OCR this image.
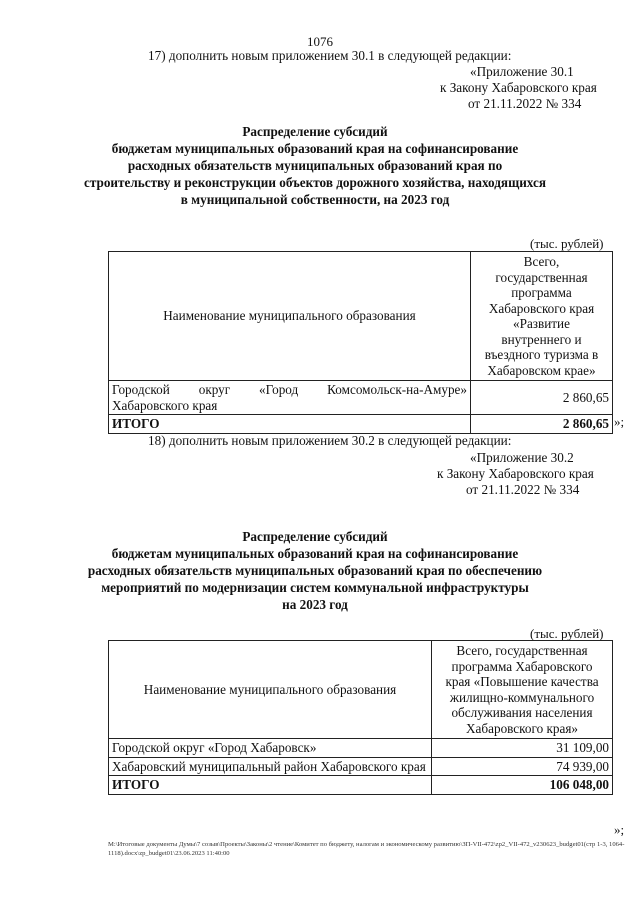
1076
17) дополнить новым приложением 30.1 в следующей редакции:
«Приложение 30.1
к Закону Хабаровского края
от 21.11.2022 № 334
Распределение субсидий
бюджетам муниципальных образований края на софинансирование
расходных обязательств муниципальных образований края по
строительству и реконструкции объектов дорожного хозяйства, находящихся
в муниципальной собственности, на 2023 год
(тыс. рублей)
Наименование муниципального образования	Всего, государственная программа Хабаровского края «Развитие внутреннего и въездного туризма в Хабаровском крае»
Городской округ «Город Комсомольск-на-Амуре» Хабаровского края	2 860,65
ИТОГО	2 860,65 »;
18) дополнить новым приложением 30.2 в следующей редакции:
«Приложение 30.2
к Закону Хабаровского края
от 21.11.2022 № 334
Распределение субсидий
бюджетам муниципальных образований края на софинансирование
расходных обязательств муниципальных образований края по обеспечению
мероприятий по модернизации систем коммунальной инфраструктуры
на 2023 год
(тыс. рублей)
Наименование муниципального образования	Всего, государственная программа Хабаровского края «Повышение качества жилищно-коммунального обслуживания населения Хабаровского края»
Городской округ «Город Хабаровск»	31 109,00
Хабаровский муниципальный район Хабаровского края	74 939,00
ИТОГО	106 048,00
»;
M:\Итоговые документы Думы\7 созыв\Проекты\Законы\2 чтение\Комитет по бюджету, налогам и экономическому развитию\ЗП-VII-472\zp2_VII-472_v230623_budget01(стр 1-3, 1064-1118).docx\zp_budget01\23.06.2023 11:40:00
